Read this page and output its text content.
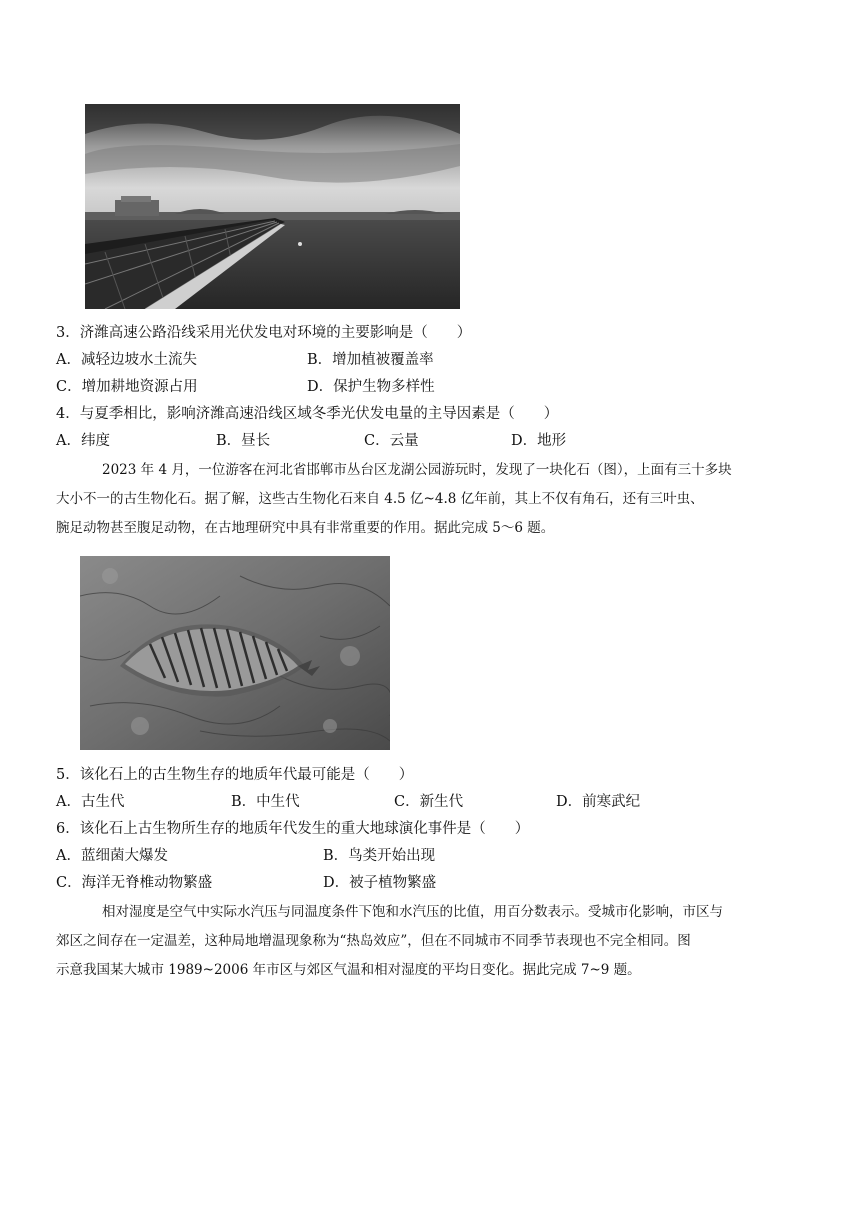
3．济潍高速公路沿线采用光伏发电对环境的主要影响是（　　）
A．减轻边坡水土流失	B．增加植被覆盖率
C．增加耕地资源占用	D．保护生物多样性
4．与夏季相比，影响济潍高速沿线区域冬季光伏发电量的主导因素是（　　）
A．纬度	B．昼长	C．云量	D．地形
2023 年 4 月，一位游客在河北省邯郸市丛台区龙湖公园游玩时，发现了一块化石（图），上面有三十多块
大小不一的古生物化石。据了解，这些古生物化石来自 4.5 亿~4.8 亿年前，其上不仅有角石，还有三叶虫、
腕足动物甚至腹足动物，在古地理研究中具有非常重要的作用。据此完成 5～6 题。
5．该化石上的古生物生存的地质年代最可能是（　　）
A．古生代	B．中生代	C．新生代	D．前寒武纪
6．该化石上古生物所生存的地质年代发生的重大地球演化事件是（　　）
A．蓝细菌大爆发	B．鸟类开始出现
C．海洋无脊椎动物繁盛	D．被子植物繁盛
相对湿度是空气中实际水汽压与同温度条件下饱和水汽压的比值，用百分数表示。受城市化影响，市区与
郊区之间存在一定温差，这种局地增温现象称为“热岛效应”，但在不同城市不同季节表现也不完全相同。图
示意我国某大城市 1989~2006 年市区与郊区气温和相对湿度的平均日变化。据此完成 7~9 题。
